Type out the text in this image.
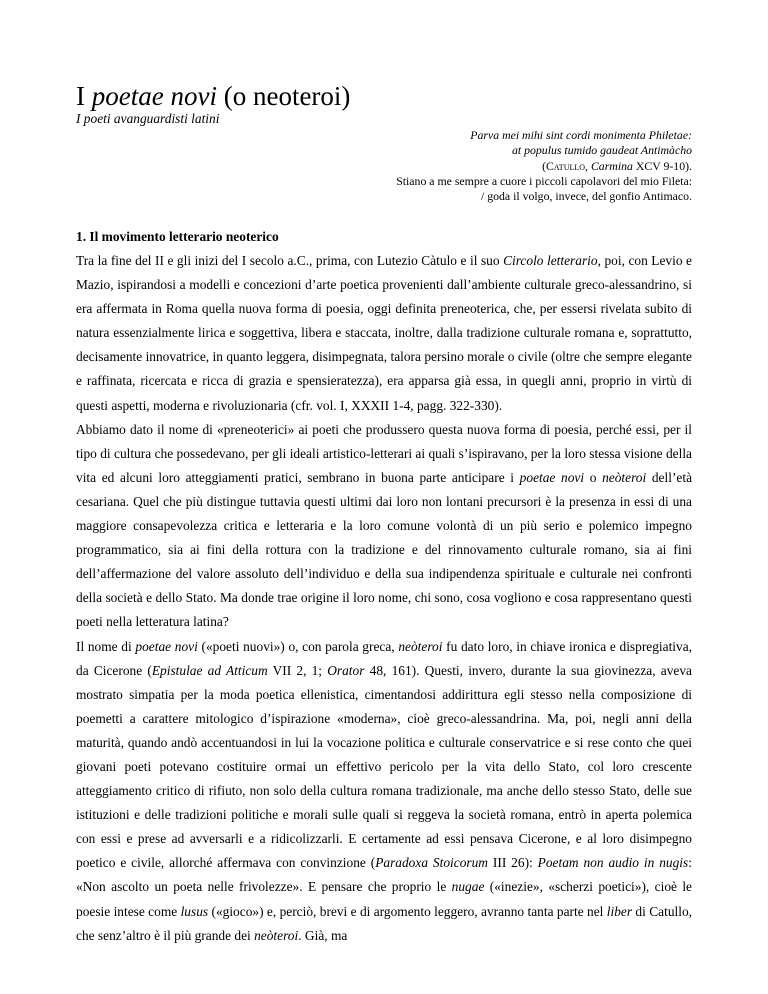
I poetae novi (o neoteroi)
I poeti avanguardisti latini
Parva mei mihi sint cordi monimenta Philetae:
at populus tumido gaudeat Antimàcho
(Catullo, Carmina XCV 9-10).
Stiano a me sempre a cuore i piccoli capolavori del mio Fileta:
/ goda il volgo, invece, del gonfio Antimaco.
1. Il movimento letterario neoterico

Tra la fine del II e gli inizi del I secolo a.C., prima, con Lutezio Càtulo e il suo Circolo letterario, poi, con Levio e Mazio, ispirandosi a modelli e concezioni d’arte poetica provenienti dall’ambiente culturale greco-alessandrino, si era affermata in Roma quella nuova forma di poesia, oggi definita preneoterica, che, per essersi rivelata subito di natura essenzialmente lirica e soggettiva, libera e staccata, inoltre, dalla tradizione culturale romana e, soprattutto, decisamente innovatrice, in quanto leggera, disimpegnata, talora persino morale o civile (oltre che sempre elegante e raffinata, ricercata e ricca di grazia e spensieratezza), era apparsa già essa, in quegli anni, proprio in virtù di questi aspetti, moderna e rivoluzionaria (cfr. vol. I, XXXII 1-4, pagg. 322-330).

Abbiamo dato il nome di «preneoterici» ai poeti che produssero questa nuova forma di poesia, perché essi, per il tipo di cultura che possedevano, per gli ideali artistico-letterari ai quali s’ispiravano, per la loro stessa visione della vita ed alcuni loro atteggiamenti pratici, sembrano in buona parte anticipare i poetae novi o neòteroi dell’età cesariana. Quel che più distingue tuttavia questi ultimi dai loro non lontani precursori è la presenza in essi di una maggiore consapevolezza critica e letteraria e la loro comune volontà di un più serio e polemico impegno programmatico, sia ai fini della rottura con la tradizione e del rinnovamento culturale romano, sia ai fini dell’affermazione del valore assoluto dell’individuo e della sua indipendenza spirituale e culturale nei confronti della società e dello Stato. Ma donde trae origine il loro nome, chi sono, cosa vogliono e cosa rappresentano questi poeti nella letteratura latina?

Il nome di poetae novi («poeti nuovi») o, con parola greca, neòteroi fu dato loro, in chiave ironica e dispregiativa, da Cicerone (Epistulae ad Atticum VII 2, 1; Orator 48, 161). Questi, invero, durante la sua giovinezza, aveva mostrato simpatia per la moda poetica ellenistica, cimentandosi addirittura egli stesso nella composizione di poemetti a carattere mitologico d’ispirazione «moderna», cioè greco-alessandrina. Ma, poi, negli anni della maturità, quando andò accentuandosi in lui la vocazione politica e culturale conservatrice e si rese conto che quei giovani poeti potevano costituire ormai un effettivo pericolo per la vita dello Stato, col loro crescente atteggiamento critico di rifiuto, non solo della cultura romana tradizionale, ma anche dello stesso Stato, delle sue istituzioni e delle tradizioni politiche e morali sulle quali si reggeva la società romana, entrò in aperta polemica con essi e prese ad avversarli e a ridicolizzarli. E certamente ad essi pensava Cicerone, e al loro disimpegno poetico e civile, allorché affermava con convinzione (Paradoxa Stoicorum III 26): Poetam non audio in nugis: «Non ascolto un poeta nelle frivolezze». E pensare che proprio le nugae («inezie», «scherzi poetici»), cioè le poesie intese come lusus («gioco») e, perciò, brevi e di argomento leggero, avranno tanta parte nel liber di Catullo, che senz’altro è il più grande dei neòteroi. Già, ma
